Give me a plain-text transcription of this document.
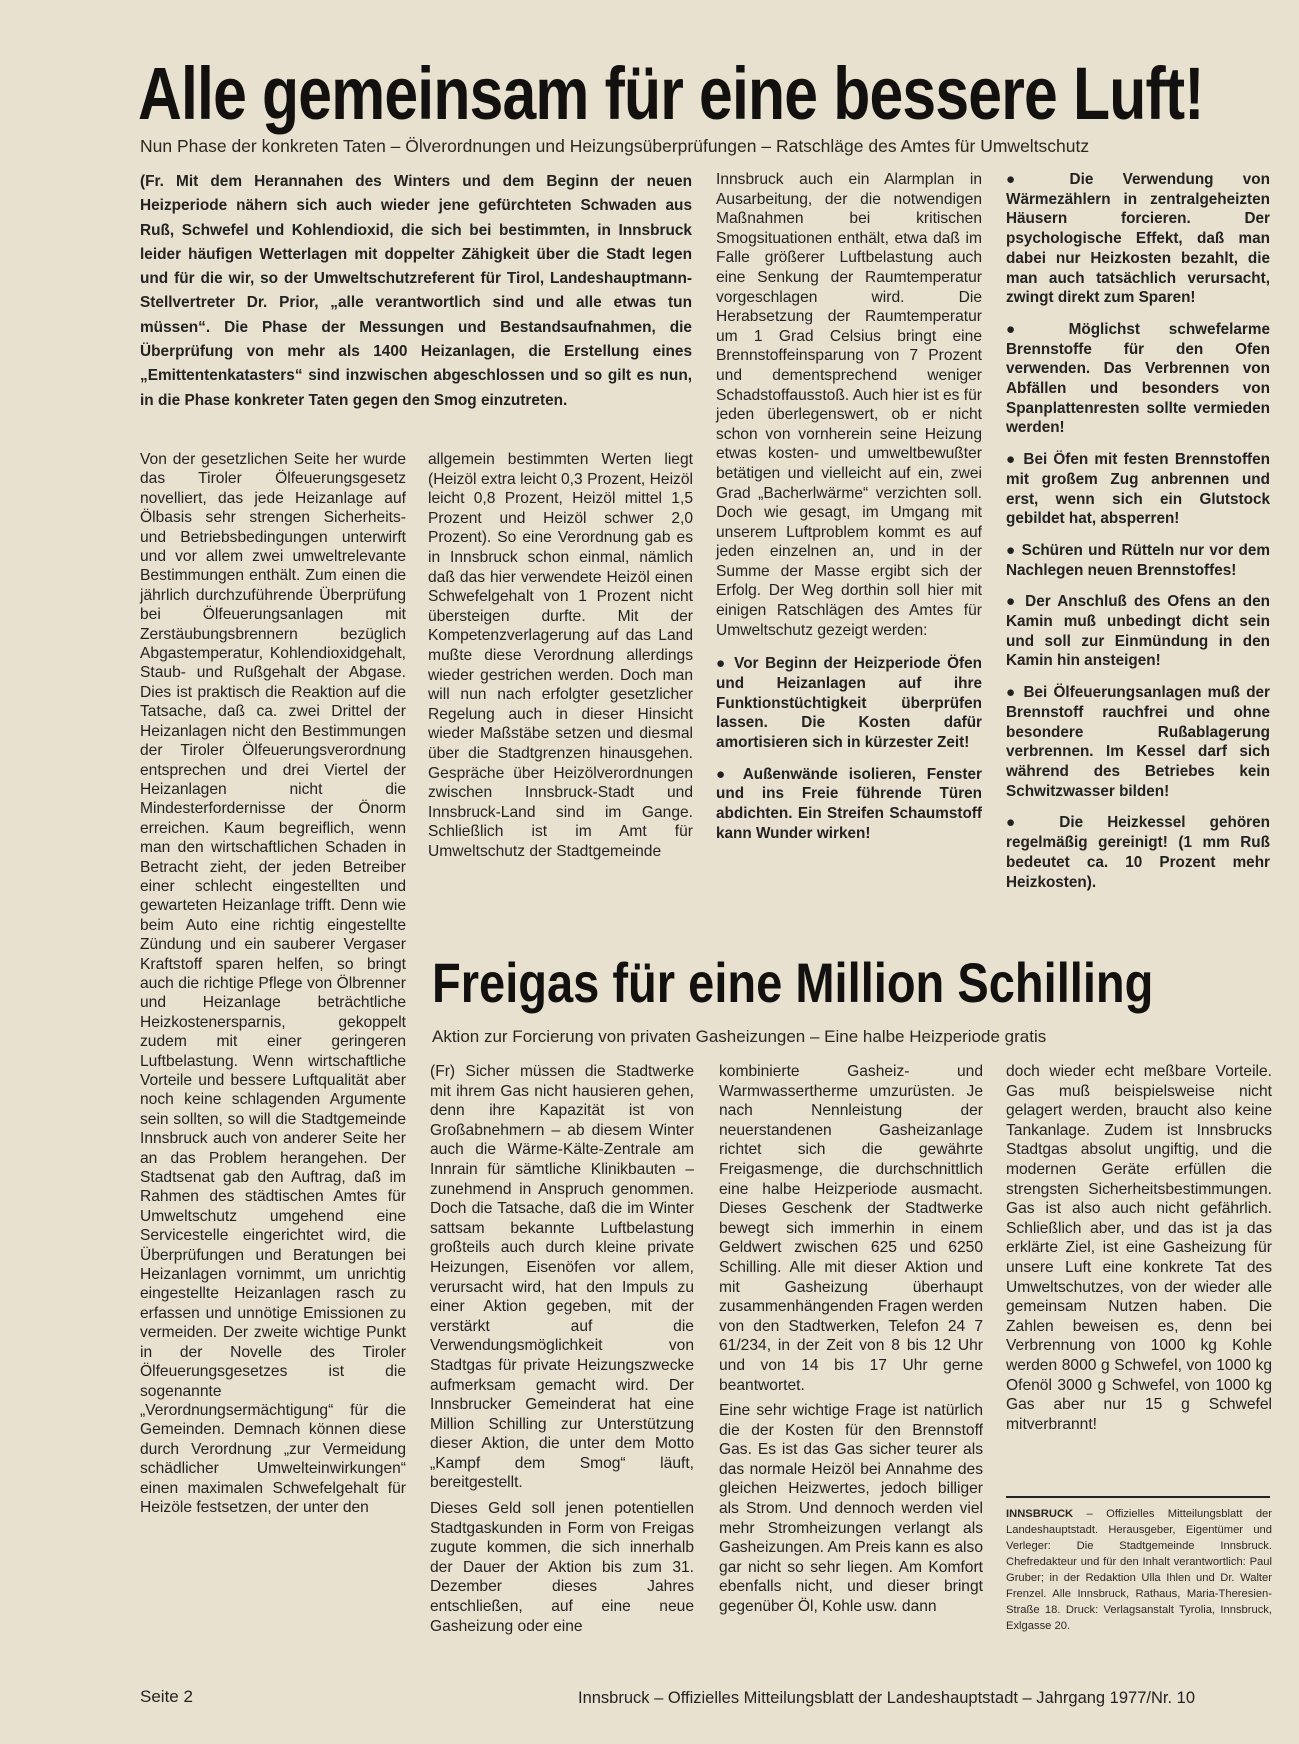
Alle gemeinsam für eine bessere Luft!
Nun Phase der konkreten Taten – Ölverordnungen und Heizungsüberprüfungen – Ratschläge des Amtes für Umweltschutz

(Fr. Mit dem Herannahen des Winters und dem Beginn der neuen Heizperiode nähern sich auch wieder jene gefürchteten Schwaden aus Ruß, Schwefel und Kohlendioxid, die sich bei bestimmten, in Innsbruck leider häufigen Wetterlagen mit doppelter Zähigkeit über die Stadt legen und für die wir, so der Umweltschutzreferent für Tirol, Landeshauptmann-Stellvertreter Dr. Prior, „alle verantwortlich sind und alle etwas tun müssen“. Die Phase der Messungen und Bestandsaufnahmen, die Überprüfung von mehr als 1400 Heizanlagen, die Erstellung eines „Emittentenkatasters“ sind inzwischen abgeschlossen und so gilt es nun, in die Phase konkreter Taten gegen den Smog einzutreten.

Von der gesetzlichen Seite her wurde das Tiroler Ölfeuerungsgesetz novelliert, das jede Heizanlage auf Ölbasis sehr strengen Sicherheits- und Betriebsbedingungen unterwirft und vor allem zwei umweltrelevante Bestimmungen enthält. Zum einen die jährlich durchzuführende Überprüfung bei Ölfeuerungsanlagen mit Zerstäubungsbrennern bezüglich Abgastemperatur, Kohlendioxidgehalt, Staub- und Rußgehalt der Abgase. Dies ist praktisch die Reaktion auf die Tatsache, daß ca. zwei Drittel der Heizanlagen nicht den Bestimmungen der Tiroler Ölfeuerungsverordnung entsprechen und drei Viertel der Heizanlagen nicht die Mindesterfordernisse der Önorm erreichen. Kaum begreiflich, wenn man den wirtschaftlichen Schaden in Betracht zieht, der jeden Betreiber einer schlecht eingestellten und gewarteten Heizanlage trifft. Denn wie beim Auto eine richtig eingestellte Zündung und ein sauberer Vergaser Kraftstoff sparen helfen, so bringt auch die richtige Pflege von Ölbrenner und Heizanlage beträchtliche Heizkostenersparnis, gekoppelt zudem mit einer geringeren Luftbelastung. Wenn wirtschaftliche Vorteile und bessere Luftqualität aber noch keine schlagenden Argumente sein sollten, so will die Stadtgemeinde Innsbruck auch von anderer Seite her an das Problem herangehen. Der Stadtsenat gab den Auftrag, daß im Rahmen des städtischen Amtes für Umweltschutz umgehend eine Servicestelle eingerichtet wird, die Überprüfungen und Beratungen bei Heizanlagen vornimmt, um unrichtig eingestellte Heizanlagen rasch zu erfassen und unnötige Emissionen zu vermeiden. Der zweite wichtige Punkt in der Novelle des Tiroler Ölfeuerungsgesetzes ist die sogenannte „Verordnungsermächtigung“ für die Gemeinden. Demnach können diese durch Verordnung „zur Vermeidung schädlicher Umwelteinwirkungen“ einen maximalen Schwefelgehalt für Heizöle festsetzen, der unter den

allgemein bestimmten Werten liegt (Heizöl extra leicht 0,3 Prozent, Heizöl leicht 0,8 Prozent, Heizöl mittel 1,5 Prozent und Heizöl schwer 2,0 Prozent). So eine Verordnung gab es in Innsbruck schon einmal, nämlich daß das hier verwendete Heizöl einen Schwefelgehalt von 1 Prozent nicht übersteigen durfte. Mit der Kompetenzverlagerung auf das Land mußte diese Verordnung allerdings wieder gestrichen werden. Doch man will nun nach erfolgter gesetzlicher Regelung auch in dieser Hinsicht wieder Maßstäbe setzen und diesmal über die Stadtgrenzen hinausgehen. Gespräche über Heizölverordnungen zwischen Innsbruck-Stadt und Innsbruck-Land sind im Gange. Schließlich ist im Amt für Umweltschutz der Stadtgemeinde

Innsbruck auch ein Alarmplan in Ausarbeitung, der die notwendigen Maßnahmen bei kritischen Smogsituationen enthält, etwa daß im Falle größerer Luftbelastung auch eine Senkung der Raumtemperatur vorgeschlagen wird. Die Herabsetzung der Raumtemperatur um 1 Grad Celsius bringt eine Brennstoffeinsparung von 7 Prozent und dementsprechend weniger Schadstoffausstoß. Auch hier ist es für jeden überlegenswert, ob er nicht schon von vornherein seine Heizung etwas kosten- und umweltbewußter betätigen und vielleicht auf ein, zwei Grad „Bacherlwärme“ verzichten soll. Doch wie gesagt, im Umgang mit unserem Luftproblem kommt es auf jeden einzelnen an, und in der Summe der Masse ergibt sich der Erfolg. Der Weg dorthin soll hier mit einigen Ratschlägen des Amtes für Umweltschutz gezeigt werden:

● Vor Beginn der Heizperiode Öfen und Heizanlagen auf ihre Funktionstüchtigkeit überprüfen lassen. Die Kosten dafür amortisieren sich in kürzester Zeit!

● Außenwände isolieren, Fenster und ins Freie führende Türen abdichten. Ein Streifen Schaumstoff kann Wunder wirken!

● Die Verwendung von Wärmezählern in zentralgeheizten Häusern forcieren. Der psychologische Effekt, daß man dabei nur Heizkosten bezahlt, die man auch tatsächlich verursacht, zwingt direkt zum Sparen!

● Möglichst schwefelarme Brennstoffe für den Ofen verwenden. Das Verbrennen von Abfällen und besonders von Spanplattenresten sollte vermieden werden!

● Bei Öfen mit festen Brennstoffen mit großem Zug anbrennen und erst, wenn sich ein Glutstock gebildet hat, absperren!

● Schüren und Rütteln nur vor dem Nachlegen neuen Brennstoffes!

● Der Anschluß des Ofens an den Kamin muß unbedingt dicht sein und soll zur Einmündung in den Kamin hin ansteigen!

● Bei Ölfeuerungsanlagen muß der Brennstoff rauchfrei und ohne besondere Rußablagerung verbrennen. Im Kessel darf sich während des Betriebes kein Schwitzwasser bilden!

● Die Heizkessel gehören regelmäßig gereinigt! (1 mm Ruß bedeutet ca. 10 Prozent mehr Heizkosten).

Freigas für eine Million Schilling
Aktion zur Forcierung von privaten Gasheizungen – Eine halbe Heizperiode gratis

(Fr) Sicher müssen die Stadtwerke mit ihrem Gas nicht hausieren gehen, denn ihre Kapazität ist von Großabnehmern – ab diesem Winter auch die Wärme-Kälte-Zentrale am Innrain für sämtliche Klinikbauten – zunehmend in Anspruch genommen. Doch die Tatsache, daß die im Winter sattsam bekannte Luftbelastung großteils auch durch kleine private Heizungen, Eisenöfen vor allem, verursacht wird, hat den Impuls zu einer Aktion gegeben, mit der verstärkt auf die Verwendungsmöglichkeit von Stadtgas für private Heizungszwecke aufmerksam gemacht wird. Der Innsbrucker Gemeinderat hat eine Million Schilling zur Unterstützung dieser Aktion, die unter dem Motto „Kampf dem Smog“ läuft, bereitgestellt.

Dieses Geld soll jenen potentiellen Stadtgaskunden in Form von Freigas zugute kommen, die sich innerhalb der Dauer der Aktion bis zum 31. Dezember dieses Jahres entschließen, auf eine neue Gasheizung oder eine

kombinierte Gasheiz- und Warmwassertherme umzurüsten. Je nach Nennleistung der neuerstandenen Gasheizanlage richtet sich die gewährte Freigasmenge, die durchschnittlich eine halbe Heizperiode ausmacht. Dieses Geschenk der Stadtwerke bewegt sich immerhin in einem Geldwert zwischen 625 und 6250 Schilling. Alle mit dieser Aktion und mit Gasheizung überhaupt zusammenhängenden Fragen werden von den Stadtwerken, Telefon 24 7 61/234, in der Zeit von 8 bis 12 Uhr und von 14 bis 17 Uhr gerne beantwortet.

Eine sehr wichtige Frage ist natürlich die der Kosten für den Brennstoff Gas. Es ist das Gas sicher teurer als das normale Heizöl bei Annahme des gleichen Heizwertes, jedoch billiger als Strom. Und dennoch werden viel mehr Stromheizungen verlangt als Gasheizungen. Am Preis kann es also gar nicht so sehr liegen. Am Komfort ebenfalls nicht, und dieser bringt gegenüber Öl, Kohle usw. dann

doch wieder echt meßbare Vorteile. Gas muß beispielsweise nicht gelagert werden, braucht also keine Tankanlage. Zudem ist Innsbrucks Stadtgas absolut ungiftig, und die modernen Geräte erfüllen die strengsten Sicherheitsbestimmungen. Gas ist also auch nicht gefährlich. Schließlich aber, und das ist ja das erklärte Ziel, ist eine Gasheizung für unsere Luft eine konkrete Tat des Umweltschutzes, von der wieder alle gemeinsam Nutzen haben. Die Zahlen beweisen es, denn bei Verbrennung von 1000 kg Kohle werden 8000 g Schwefel, von 1000 kg Ofenöl 3000 g Schwefel, von 1000 kg Gas aber nur 15 g Schwefel mitverbrannt!

INNSBRUCK – Offizielles Mitteilungsblatt der Landeshauptstadt. Herausgeber, Eigentümer und Verleger: Die Stadtgemeinde Innsbruck. Chefredakteur und für den Inhalt verantwortlich: Paul Gruber; in der Redaktion Ulla Ihlen und Dr. Walter Frenzel. Alle Innsbruck, Rathaus, Maria-Theresien-Straße 18. Druck: Verlagsanstalt Tyrolia, Innsbruck, Exlgasse 20.
Seite 2	Innsbruck – Offizielles Mitteilungsblatt der Landeshauptstadt – Jahrgang 1977/Nr. 10
